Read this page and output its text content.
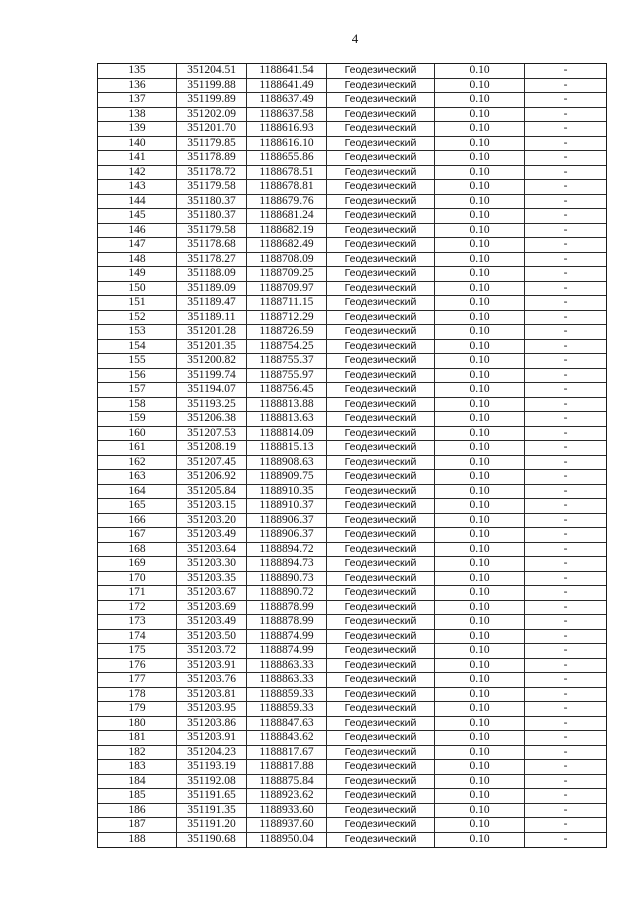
4
135	351204.51	1188641.54	Геодезический	0.10	-
136	351199.88	1188641.49	Геодезический	0.10	-
137	351199.89	1188637.49	Геодезический	0.10	-
138	351202.09	1188637.58	Геодезический	0.10	-
139	351201.70	1188616.93	Геодезический	0.10	-
140	351179.85	1188616.10	Геодезический	0.10	-
141	351178.89	1188655.86	Геодезический	0.10	-
142	351178.72	1188678.51	Геодезический	0.10	-
143	351179.58	1188678.81	Геодезический	0.10	-
144	351180.37	1188679.76	Геодезический	0.10	-
145	351180.37	1188681.24	Геодезический	0.10	-
146	351179.58	1188682.19	Геодезический	0.10	-
147	351178.68	1188682.49	Геодезический	0.10	-
148	351178.27	1188708.09	Геодезический	0.10	-
149	351188.09	1188709.25	Геодезический	0.10	-
150	351189.09	1188709.97	Геодезический	0.10	-
151	351189.47	1188711.15	Геодезический	0.10	-
152	351189.11	1188712.29	Геодезический	0.10	-
153	351201.28	1188726.59	Геодезический	0.10	-
154	351201.35	1188754.25	Геодезический	0.10	-
155	351200.82	1188755.37	Геодезический	0.10	-
156	351199.74	1188755.97	Геодезический	0.10	-
157	351194.07	1188756.45	Геодезический	0.10	-
158	351193.25	1188813.88	Геодезический	0.10	-
159	351206.38	1188813.63	Геодезический	0.10	-
160	351207.53	1188814.09	Геодезический	0.10	-
161	351208.19	1188815.13	Геодезический	0.10	-
162	351207.45	1188908.63	Геодезический	0.10	-
163	351206.92	1188909.75	Геодезический	0.10	-
164	351205.84	1188910.35	Геодезический	0.10	-
165	351203.15	1188910.37	Геодезический	0.10	-
166	351203.20	1188906.37	Геодезический	0.10	-
167	351203.49	1188906.37	Геодезический	0.10	-
168	351203.64	1188894.72	Геодезический	0.10	-
169	351203.30	1188894.73	Геодезический	0.10	-
170	351203.35	1188890.73	Геодезический	0.10	-
171	351203.67	1188890.72	Геодезический	0.10	-
172	351203.69	1188878.99	Геодезический	0.10	-
173	351203.49	1188878.99	Геодезический	0.10	-
174	351203.50	1188874.99	Геодезический	0.10	-
175	351203.72	1188874.99	Геодезический	0.10	-
176	351203.91	1188863.33	Геодезический	0.10	-
177	351203.76	1188863.33	Геодезический	0.10	-
178	351203.81	1188859.33	Геодезический	0.10	-
179	351203.95	1188859.33	Геодезический	0.10	-
180	351203.86	1188847.63	Геодезический	0.10	-
181	351203.91	1188843.62	Геодезический	0.10	-
182	351204.23	1188817.67	Геодезический	0.10	-
183	351193.19	1188817.88	Геодезический	0.10	-
184	351192.08	1188875.84	Геодезический	0.10	-
185	351191.65	1188923.62	Геодезический	0.10	-
186	351191.35	1188933.60	Геодезический	0.10	-
187	351191.20	1188937.60	Геодезический	0.10	-
188	351190.68	1188950.04	Геодезический	0.10	-
